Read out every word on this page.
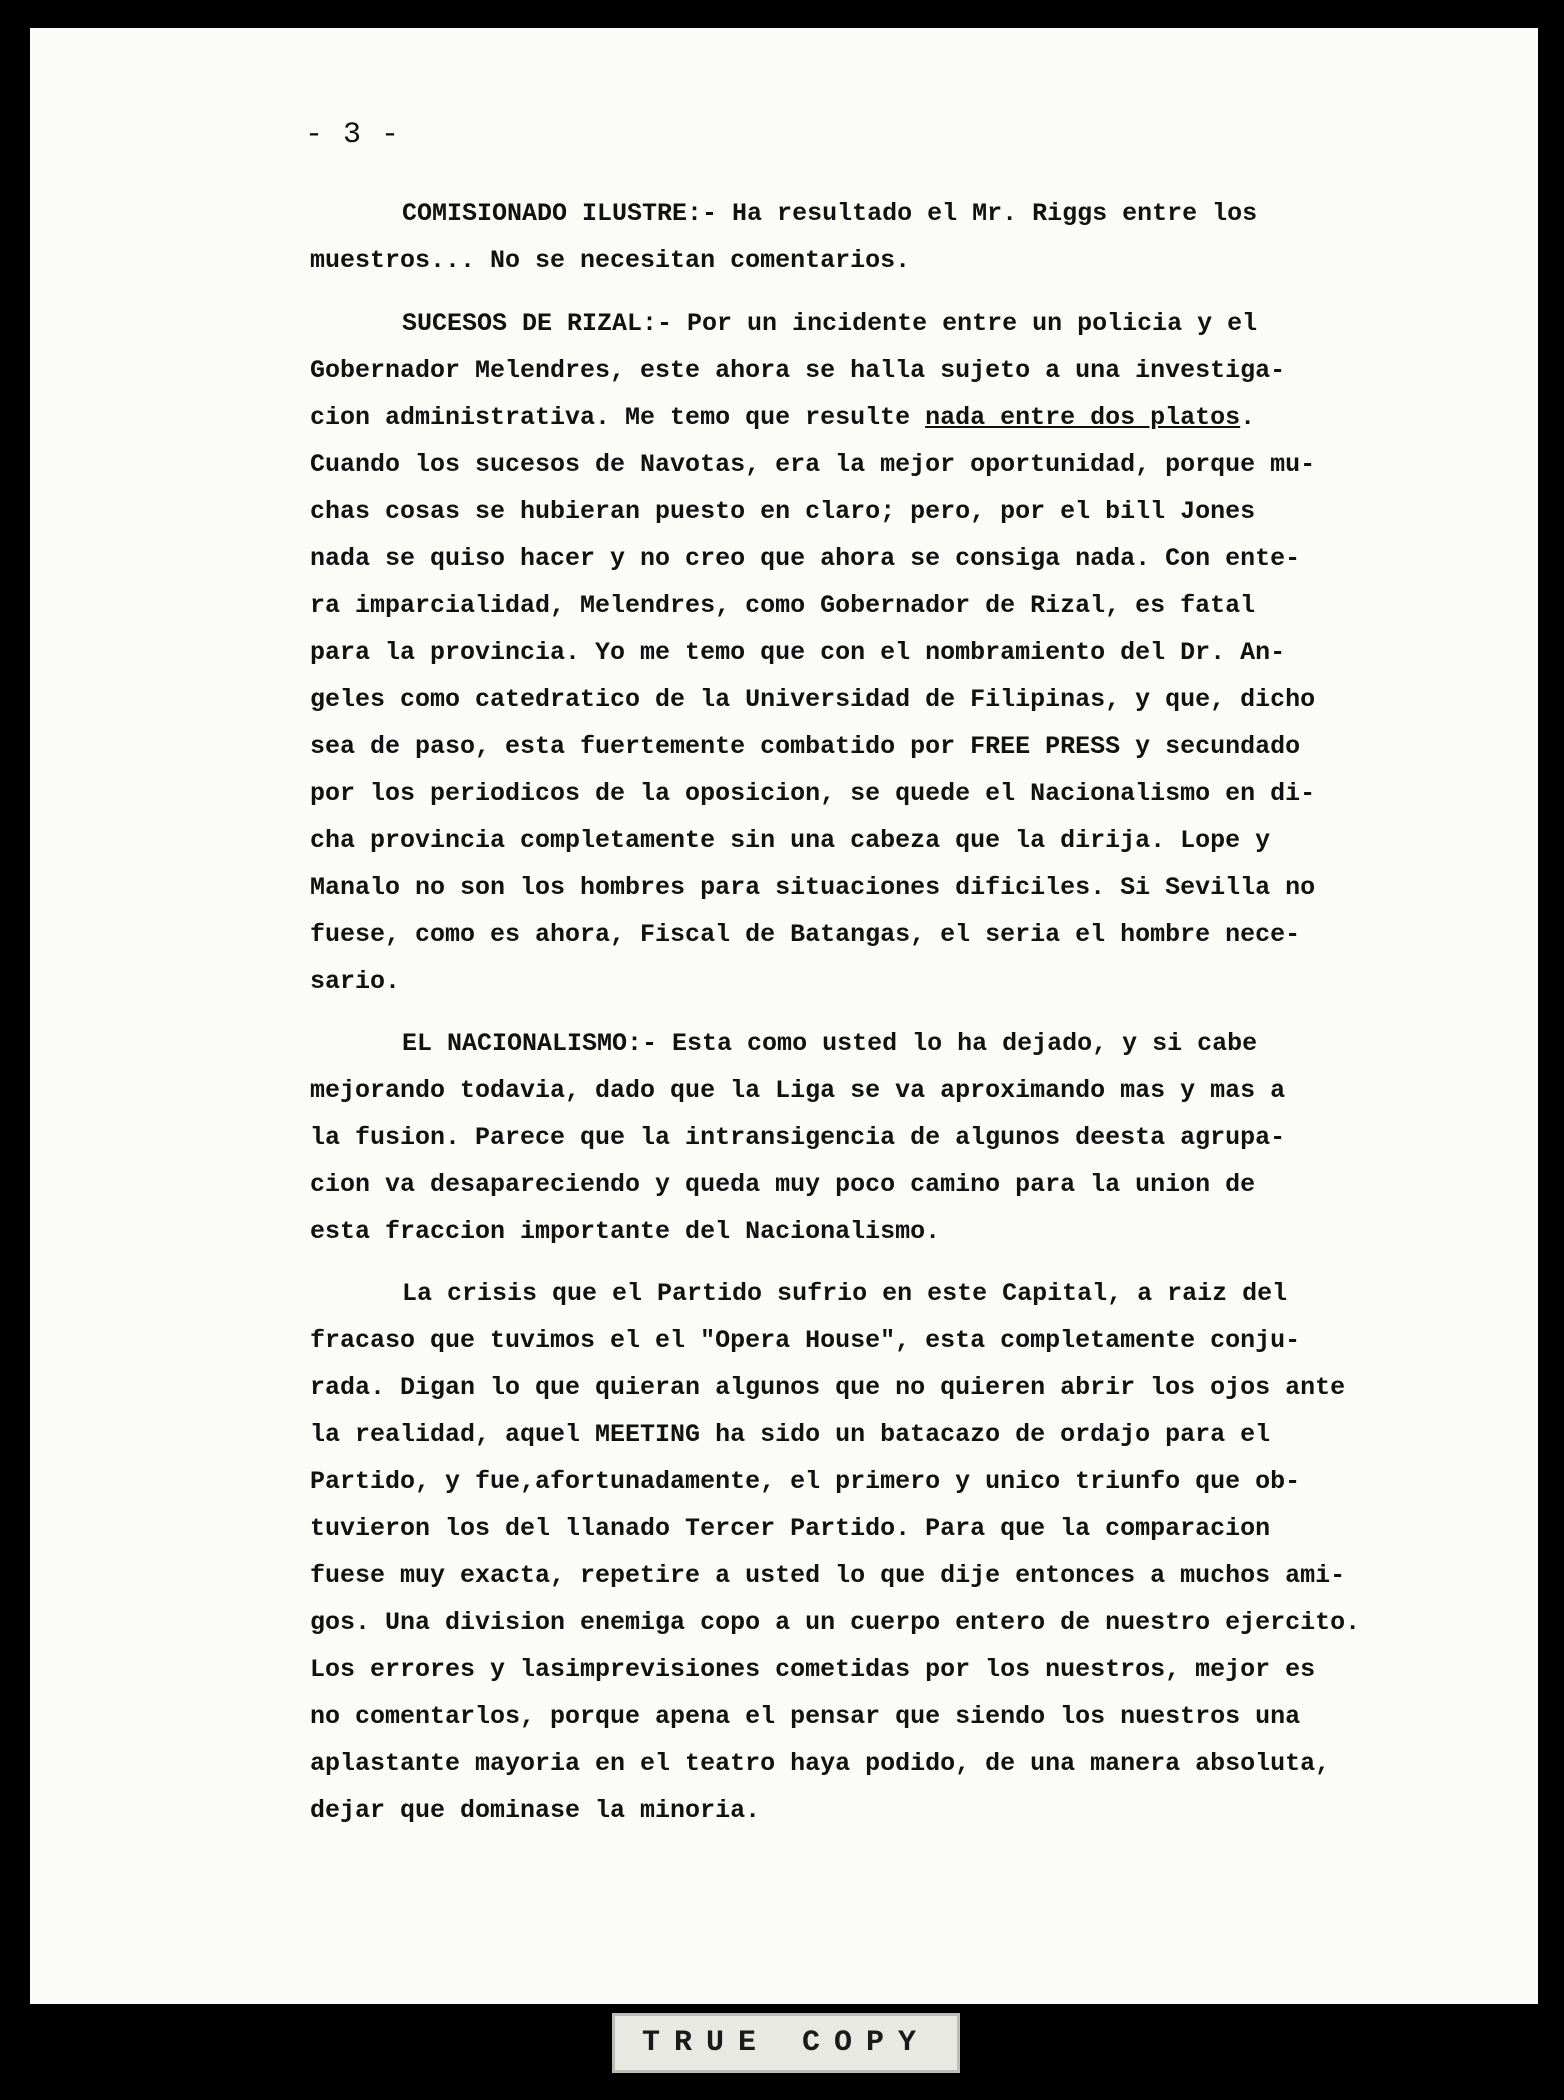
- 3 -

COMISIONADO ILUSTRE:- Ha resultado el Mr. Riggs entre los
muestros... No se necesitan comentarios.

SUCESOS DE RIZAL:- Por un incidente entre un policia y el
Gobernador Melendres, este ahora se halla sujeto a una investiga-
cion administrativa. Me temo que resulte nada entre dos platos.
Cuando los sucesos de Navotas, era la mejor oportunidad, porque mu-
chas cosas se hubieran puesto en claro; pero, por el bill Jones
nada se quiso hacer y no creo que ahora se consiga nada. Con ente-
ra imparcialidad, Melendres, como Gobernador de Rizal, es fatal
para la provincia. Yo me temo que con el nombramiento del Dr. An-
geles como catedratico de la Universidad de Filipinas, y que, dicho
sea de paso, esta fuertemente combatido por FREE PRESS y secundado
por los periodicos de la oposicion, se quede el Nacionalismo en di-
cha provincia completamente sin una cabeza que la dirija. Lope y
Manalo no son los hombres para situaciones dificiles. Si Sevilla no
fuese, como es ahora, Fiscal de Batangas, el seria el hombre nece-
sario.

EL NACIONALISMO:- Esta como usted lo ha dejado, y si cabe
mejorando todavia, dado que la Liga se va aproximando mas y mas a
la fusion. Parece que la intransigencia de algunos deesta agrupa-
cion va desapareciendo y queda muy poco camino para la union de
esta fraccion importante del Nacionalismo.

La crisis que el Partido sufrio en este Capital, a raiz del
fracaso que tuvimos el el "Opera House", esta completamente conju-
rada. Digan lo que quieran algunos que no quieren abrir los ojos ante
la realidad, aquel MEETING ha sido un batacazo de ordajo para el
Partido, y fue,afortunadamente, el primero y unico triunfo que ob-
tuvieron los del llanado Tercer Partido. Para que la comparacion
fuese muy exacta, repetire a usted lo que dije entonces a muchos ami-
gos. Una division enemiga copo a un cuerpo entero de nuestro ejercito.
Los errores y lasimprevisiones cometidas por los nuestros, mejor es
no comentarlos, porque apena el pensar que siendo los nuestros una
aplastante mayoria en el teatro haya podido, de una manera absoluta,
dejar que dominase la minoria.

TRUE COPY
